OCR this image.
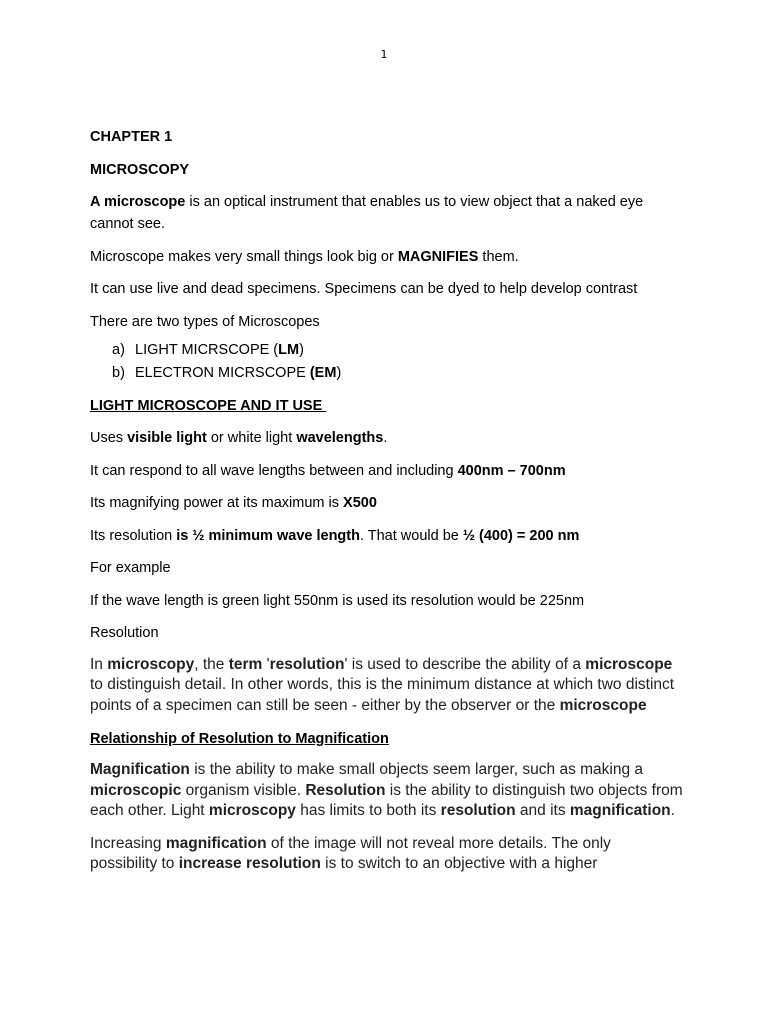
1

CHAPTER 1

MICROSCOPY

A microscope is an optical instrument that enables us to view object that a naked eye cannot see.

Microscope makes very small things look big or MAGNIFIES them.

It can use live and dead specimens. Specimens can be dyed to help develop contrast

There are two types of Microscopes

a) LIGHT MICRSCOPE (LM)
b) ELECTRON MICRSCOPE (EM)

LIGHT MICROSCOPE AND IT USE

Uses visible light or white light wavelengths.

It can respond to all wave lengths between and including 400nm – 700nm

Its magnifying power at its maximum is X500

Its resolution is ½ minimum wave length. That would be ½ (400) = 200 nm

For example

If the wave length is green light 550nm is used its resolution would be 225nm

Resolution

In microscopy, the term 'resolution' is used to describe the ability of a microscope to distinguish detail. In other words, this is the minimum distance at which two distinct points of a specimen can still be seen - either by the observer or the microscope

Relationship of Resolution to Magnification

Magnification is the ability to make small objects seem larger, such as making a microscopic organism visible. Resolution is the ability to distinguish two objects from each other. Light microscopy has limits to both its resolution and its magnification.

Increasing magnification of the image will not reveal more details. The only possibility to increase resolution is to switch to an objective with a higher
